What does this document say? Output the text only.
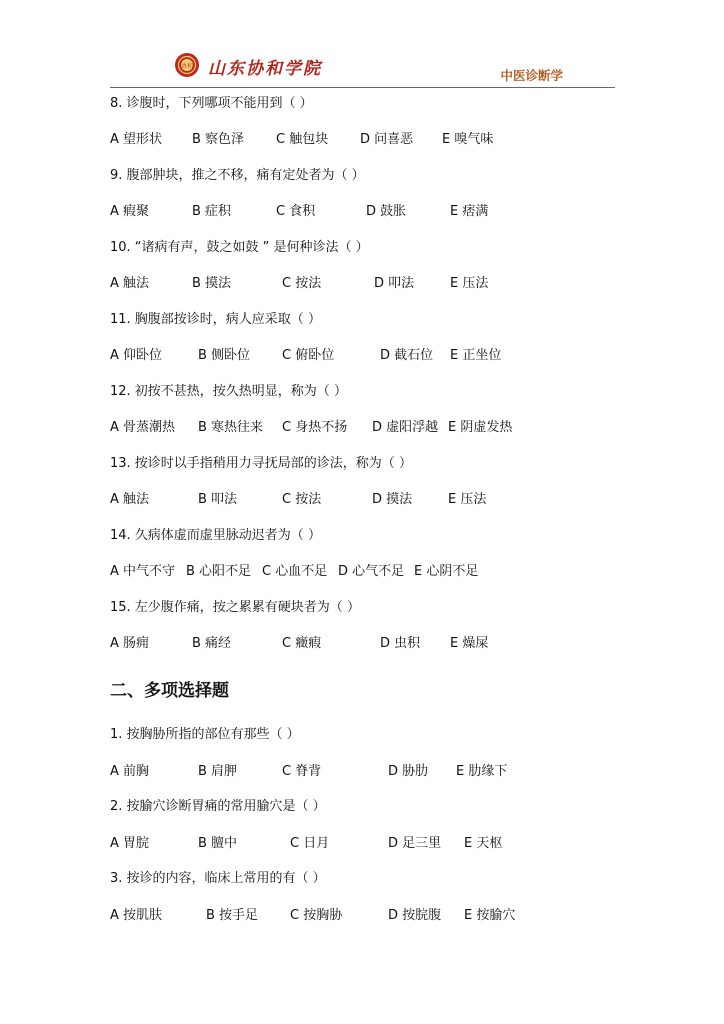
协和 山东协和学院	中医诊断学
8. 诊腹时，下列哪项不能用到（ ）
A 望形状 B 察色泽 C 触包块 D 问喜恶 E 嗅气味
9. 腹部肿块，推之不移，痛有定处者为（ ）
A 瘕聚	B 症积	C 食积	D 鼓胀	E 痞满
10. “诸病有声，鼓之如鼓 ” 是何种诊法（ ）
A 触法	B 摸法	C 按法	D 叩法	E 压法
11. 胸腹部按诊时，病人应采取（ ）
A 仰卧位	B 侧卧位 C 俯卧位	D 截石位 E 正坐位
12. 初按不甚热，按久热明显，称为（ ）
A 骨蒸潮热 B 寒热往来 C 身热不扬 D 虚阳浮越 E 阴虚发热
13. 按诊时以手指稍用力寻抚局部的诊法，称为（ ）
A 触法	B 叩法	C 按法	D 摸法	E 压法
14. 久病体虚而虚里脉动迟者为（ ）
A 中气不守 B 心阳不足 C 心血不足 D 心气不足 E 心阴不足
15. 左少腹作痛，按之累累有硬块者为（ ）
A 肠痈	B 痛经	C 癥瘕	D 虫积 E 燥屎
二、多项选择题
1. 按胸胁所指的部位有那些（ ）
A 前胸	B 肩胛	C 脊背	D 胁肋 E 肋缘下
2. 按腧穴诊断胃痛的常用腧穴是（ ）
A 胃脘	B 膻中	C 日月	D 足三里 E 天枢
3. 按诊的内容，临床上常用的有（ ）
A 按肌肤	B 按手足 C 按胸胁	D 按脘腹 E 按腧穴
